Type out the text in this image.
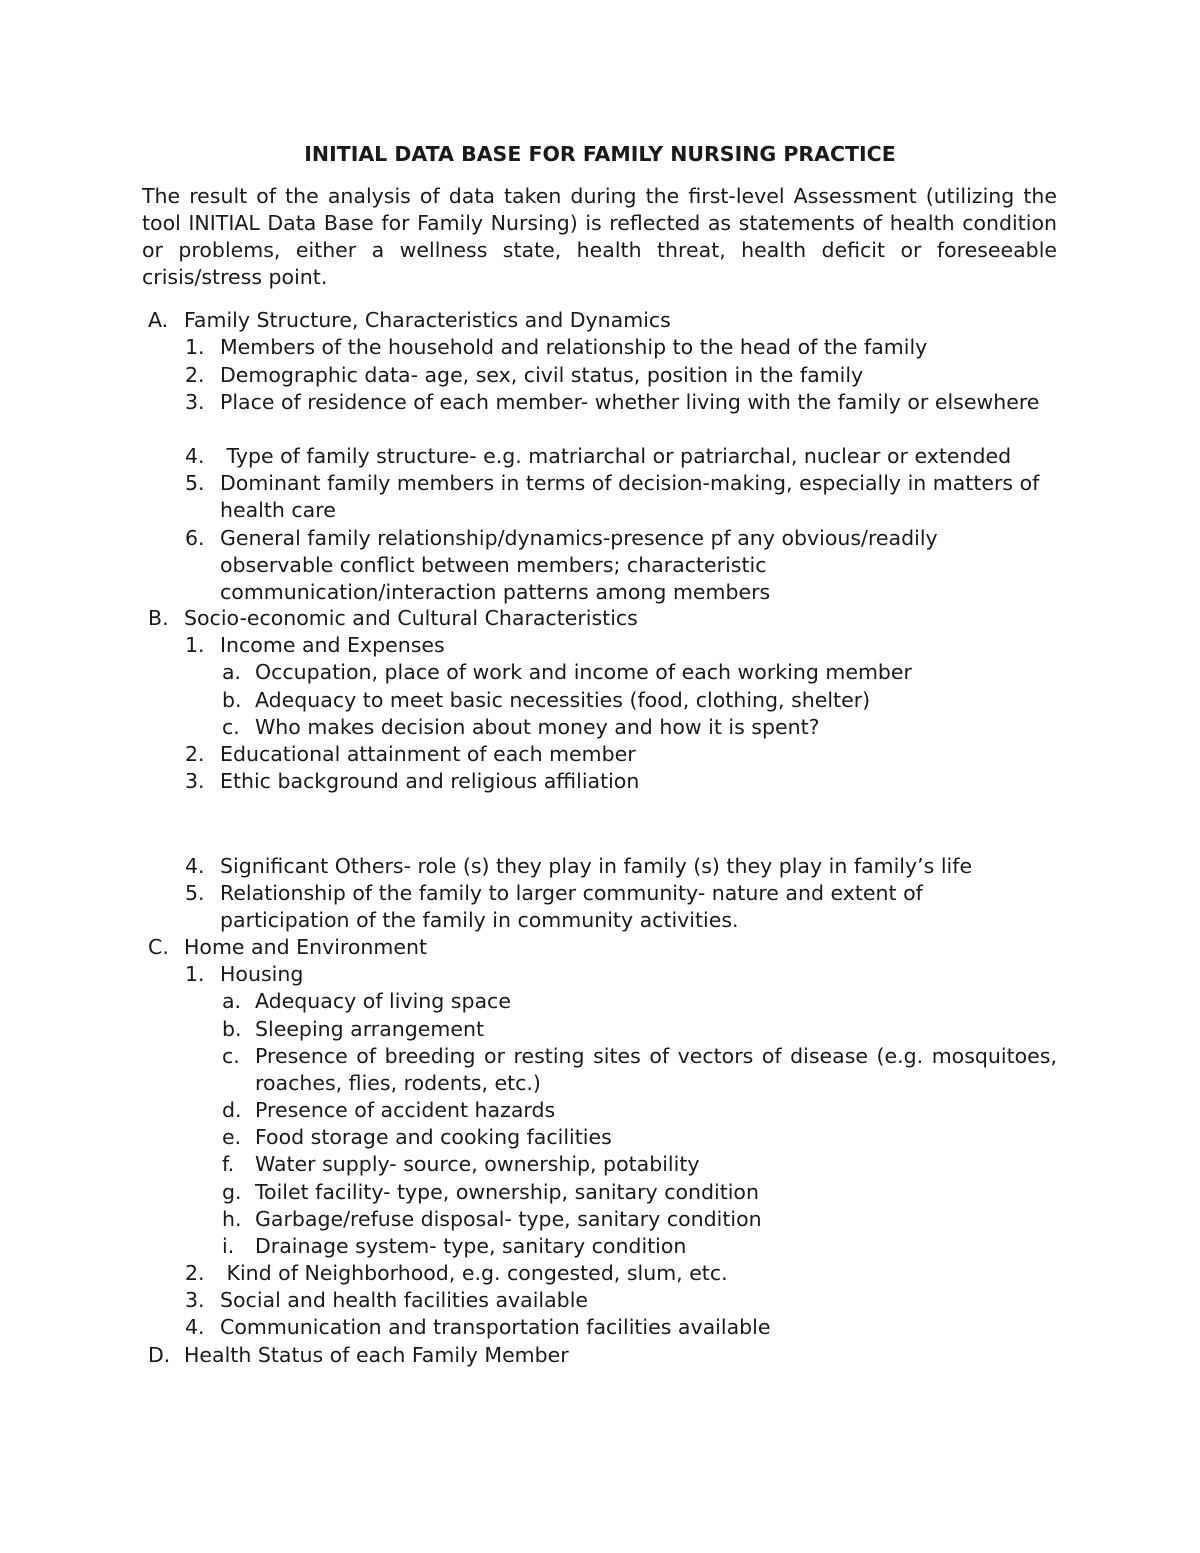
INITIAL DATA BASE FOR FAMILY NURSING PRACTICE

The result of the analysis of data taken during the first-level Assessment (utilizing the tool INITIAL Data Base for Family Nursing) is reflected as statements of health condition or problems, either a wellness state, health threat, health deficit or foreseeable crisis/stress point.

A. Family Structure, Characteristics and Dynamics
1. Members of the household and relationship to the head of the family
2. Demographic data- age, sex, civil status, position in the family
3. Place of residence of each member- whether living with the family or elsewhere
4. Type of family structure- e.g. matriarchal or patriarchal, nuclear or extended
5. Dominant family members in terms of decision-making, especially in matters of health care
6. General family relationship/dynamics-presence pf any obvious/readily observable conflict between members; characteristic communication/interaction patterns among members
B. Socio-economic and Cultural Characteristics
1. Income and Expenses
a. Occupation, place of work and income of each working member
b. Adequacy to meet basic necessities (food, clothing, shelter)
c. Who makes decision about money and how it is spent?
2. Educational attainment of each member
3. Ethic background and religious affiliation
4. Significant Others- role (s) they play in family (s) they play in family’s life
5. Relationship of the family to larger community- nature and extent of participation of the family in community activities.
C. Home and Environment
1. Housing
a. Adequacy of living space
b. Sleeping arrangement
c. Presence of breeding or resting sites of vectors of disease (e.g. mosquitoes, roaches, flies, rodents, etc.)
d. Presence of accident hazards
e. Food storage and cooking facilities
f. Water supply- source, ownership, potability
g. Toilet facility- type, ownership, sanitary condition
h. Garbage/refuse disposal- type, sanitary condition
i. Drainage system- type, sanitary condition
2. Kind of Neighborhood, e.g. congested, slum, etc.
3. Social and health facilities available
4. Communication and transportation facilities available
D. Health Status of each Family Member
